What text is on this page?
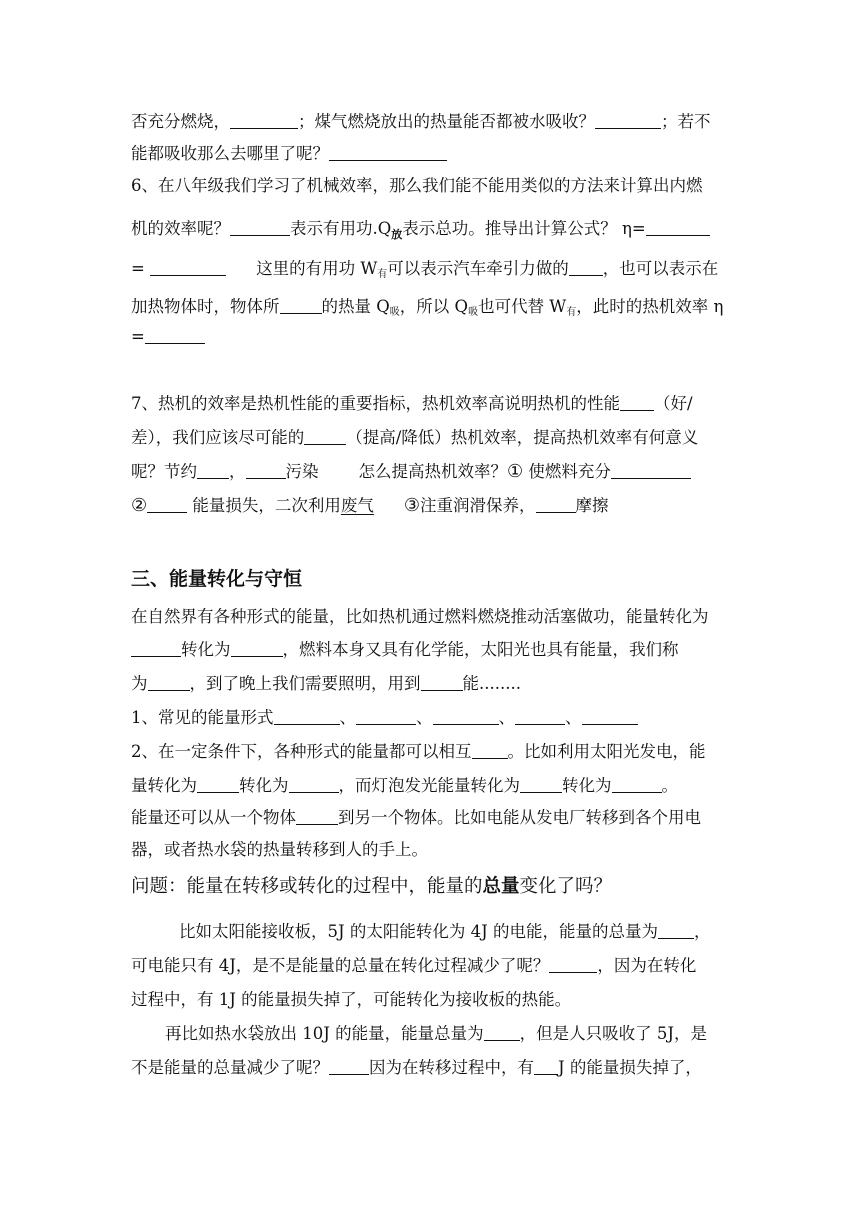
否充分燃烧，	；煤气燃烧放出的热量能否都被水吸收？	；若不
能都吸收那么去哪里了呢？
6、在八年级我们学习了机械效率，那么我们能不能用类似的方法来计算出内燃
机的效率呢？	表示有用功$.Q_放$表示总功。推导出计算公式？ η=
=	这里的有用功 $W_有$可以表示汽车牵引力做的 ，也可以表示在
加热物体时，物体所	的热量 $Q_吸$，所以 $Q_吸$也可代替 $W_有$，此时的热机效率 η
=
7、热机的效率是热机性能的重要指标，热机效率高说明热机的性能 （好/
差），我们应该尽可能的	（提高/降低）热机效率，提高热机效率有何意义
呢？节约 ， 污染 怎么提高热机效率？① 使燃料充分
②	能量损失，二次利用废气 ③注重润滑保养， 摩擦
三、能量转化与守恒
在自然界有各种形式的能量，比如热机通过燃料燃烧推动活塞做功，能量转化为
转化为	，燃料本身又具有化学能，太阳光也具有能量，我们称
为	，到了晚上我们需要照明，用到	能........
1、常见的能量形式	、	、	、	、
2、在一定条件下，各种形式的能量都可以相互 。比如利用太阳光发电，能
量转化为	转化为	，而灯泡发光能量转化为	转化为	。
能量还可以从一个物体	到另一个物体。比如电能从发电厂转移到各个用电
器，或者热水袋的热量转移到人的手上。
问题：能量在转移或转化的过程中，能量的总量变化了吗？
比如太阳能接收板，5J 的太阳能转化为 4J 的电能，能量的总量为 ，
可电能只有 4J，是不是能量的总量在转化过程减少了呢？	，因为在转化
过程中，有 1J 的能量损失掉了，可能转化为接收板的热能。
再比如热水袋放出 10J 的能量，能量总量为 ，但是人只吸收了 5J，是
不是能量的总量减少了呢？ 因为在转移过程中，有 J 的能量损失掉了，
